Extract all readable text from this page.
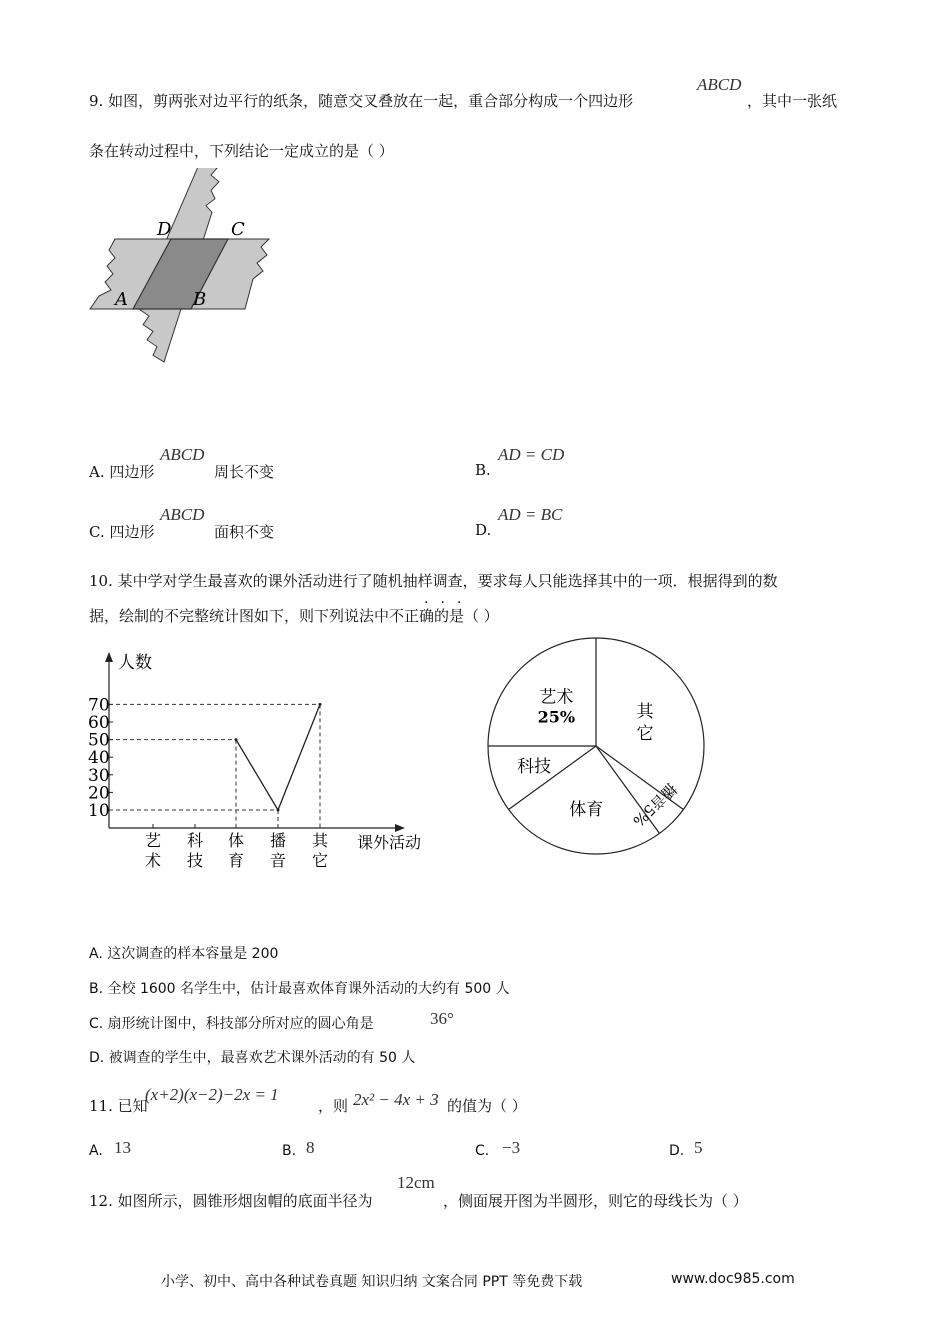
9. 如图，剪两张对边平行的纸条，随意交叉叠放在一起，重合部分构成一个四边形
ABCD
，其中一张纸
条在转动过程中，下列结论一定成立的是（ ）
D	C
A	B
A. 四边形
ABCD
周长不变	B.
AD = CD
C. 四边形
ABCD
面积不变	D.
AD = BC
10. 某中学对学生最喜欢的课外活动进行了随机抽样调查，要求每人只能选择其中的一项．根据得到的数
据，绘制的不完整统计图如下，则下列说法中不正确的是（ ）
···
人数
课外活动
10
20
30
40
50
60
70
艺
术
科
技
体
育
播
音
其
它
其
它
艺术
25%
科技
体育 播音5%
A. 这次调查的样本容量是 200
B. 全校 1600 名学生中，估计最喜欢体育课外活动的大约有 500 人
C. 扇形统计图中，科技部分所对应的圆心角是	36°
D. 被调查的学生中，最喜欢艺术课外活动的有 50 人
11. 已知
(x+2)(x−2)−2x = 1
，则 2x² − 4x + 3 的值为（ ）
A. 13	B. 8	C. −3	D. 5
12. 如图所示，圆锥形烟囱帽的底面半径为
12cm
，侧面展开图为半圆形，则它的母线长为（ ）
小学、初中、高中各种试卷真题 知识归纳 文案合同 PPT 等免费下载	www.doc985.com
